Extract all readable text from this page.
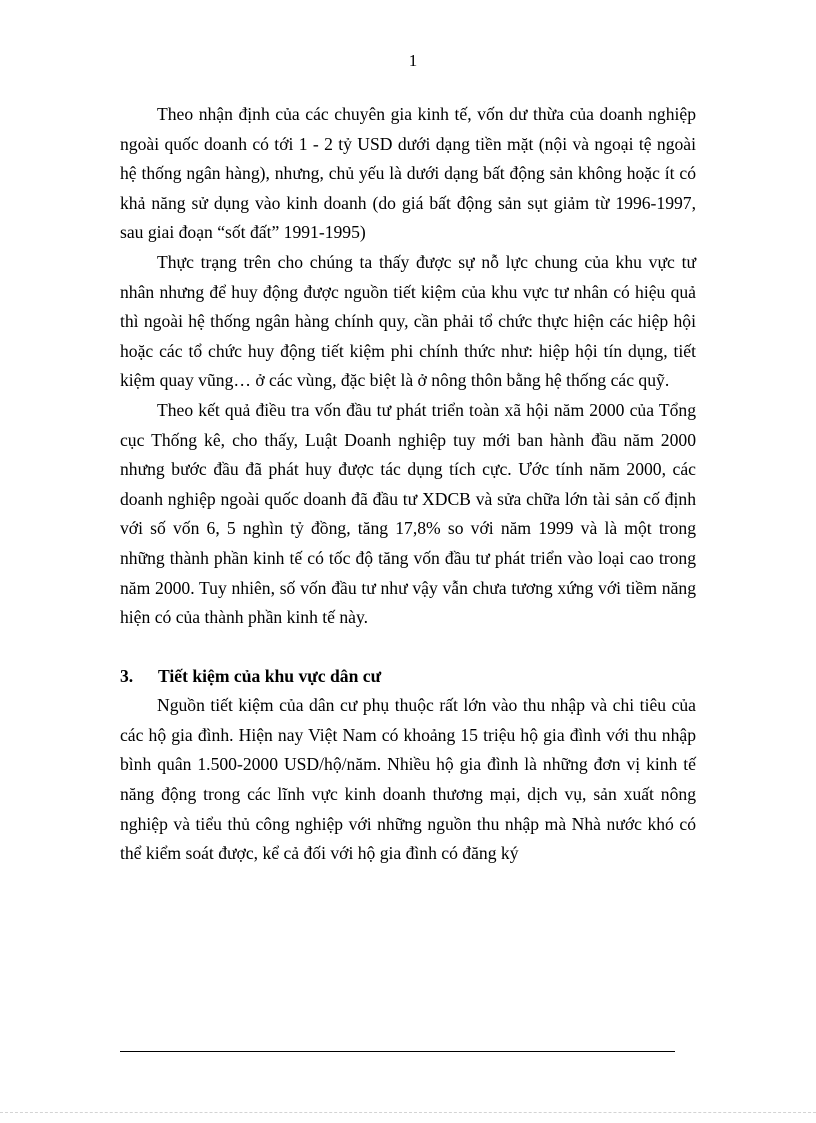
1

Theo nhận định của các chuyên gia kinh tế, vốn dư thừa của doanh nghiệp ngoài quốc doanh có tới 1 - 2 tỷ USD dưới dạng tiền mặt (nội và ngoại tệ ngoài hệ thống ngân hàng), nhưng, chủ yếu là dưới dạng bất động sản không hoặc ít có khả năng sử dụng vào kinh doanh (do giá bất động sản sụt giảm từ 1996-1997, sau giai đoạn “sốt đất” 1991-1995)

Thực trạng trên cho chúng ta thấy được sự nỗ lực chung của khu vực tư nhân nhưng để huy động được nguồn tiết kiệm của khu vực tư nhân có hiệu quả thì ngoài hệ thống ngân hàng chính quy, cần phải tổ chức thực hiện các hiệp hội hoặc các tổ chức huy động tiết kiệm phi chính thức như: hiệp hội tín dụng, tiết kiệm quay vũng… ở các vùng, đặc biệt là ở nông thôn bằng hệ thống các quỹ.

Theo kết quả điều tra vốn đầu tư phát triển toàn xã hội năm 2000 của Tổng cục Thống kê, cho thấy, Luật Doanh nghiệp tuy mới ban hành đầu năm 2000 nhưng bước đầu đã phát huy được tác dụng tích cực. Ước tính năm 2000, các doanh nghiệp ngoài quốc doanh đã đầu tư XDCB và sửa chữa lớn tài sản cố định với số vốn 6, 5 nghìn tỷ đồng, tăng 17,8% so với năm 1999 và là một trong những thành phần kinh tế có tốc độ tăng vốn đầu tư phát triển vào loại cao trong năm 2000. Tuy nhiên, số vốn đầu tư như vậy vẫn chưa tương xứng với tiềm năng hiện có của thành phần kinh tế này.

3. Tiết kiệm của khu vực dân cư

Nguồn tiết kiệm của dân cư phụ thuộc rất lớn vào thu nhập và chi tiêu của các hộ gia đình. Hiện nay Việt Nam có khoảng 15 triệu hộ gia đình với thu nhập bình quân 1.500-2000 USD/hộ/năm. Nhiều hộ gia đình là những đơn vị kinh tế năng động trong các lĩnh vực kinh doanh thương mại, dịch vụ, sản xuất nông nghiệp và tiểu thủ công nghiệp với những nguồn thu nhập mà Nhà nước khó có thể kiểm soát được, kể cả đối với hộ gia đình có đăng ký
